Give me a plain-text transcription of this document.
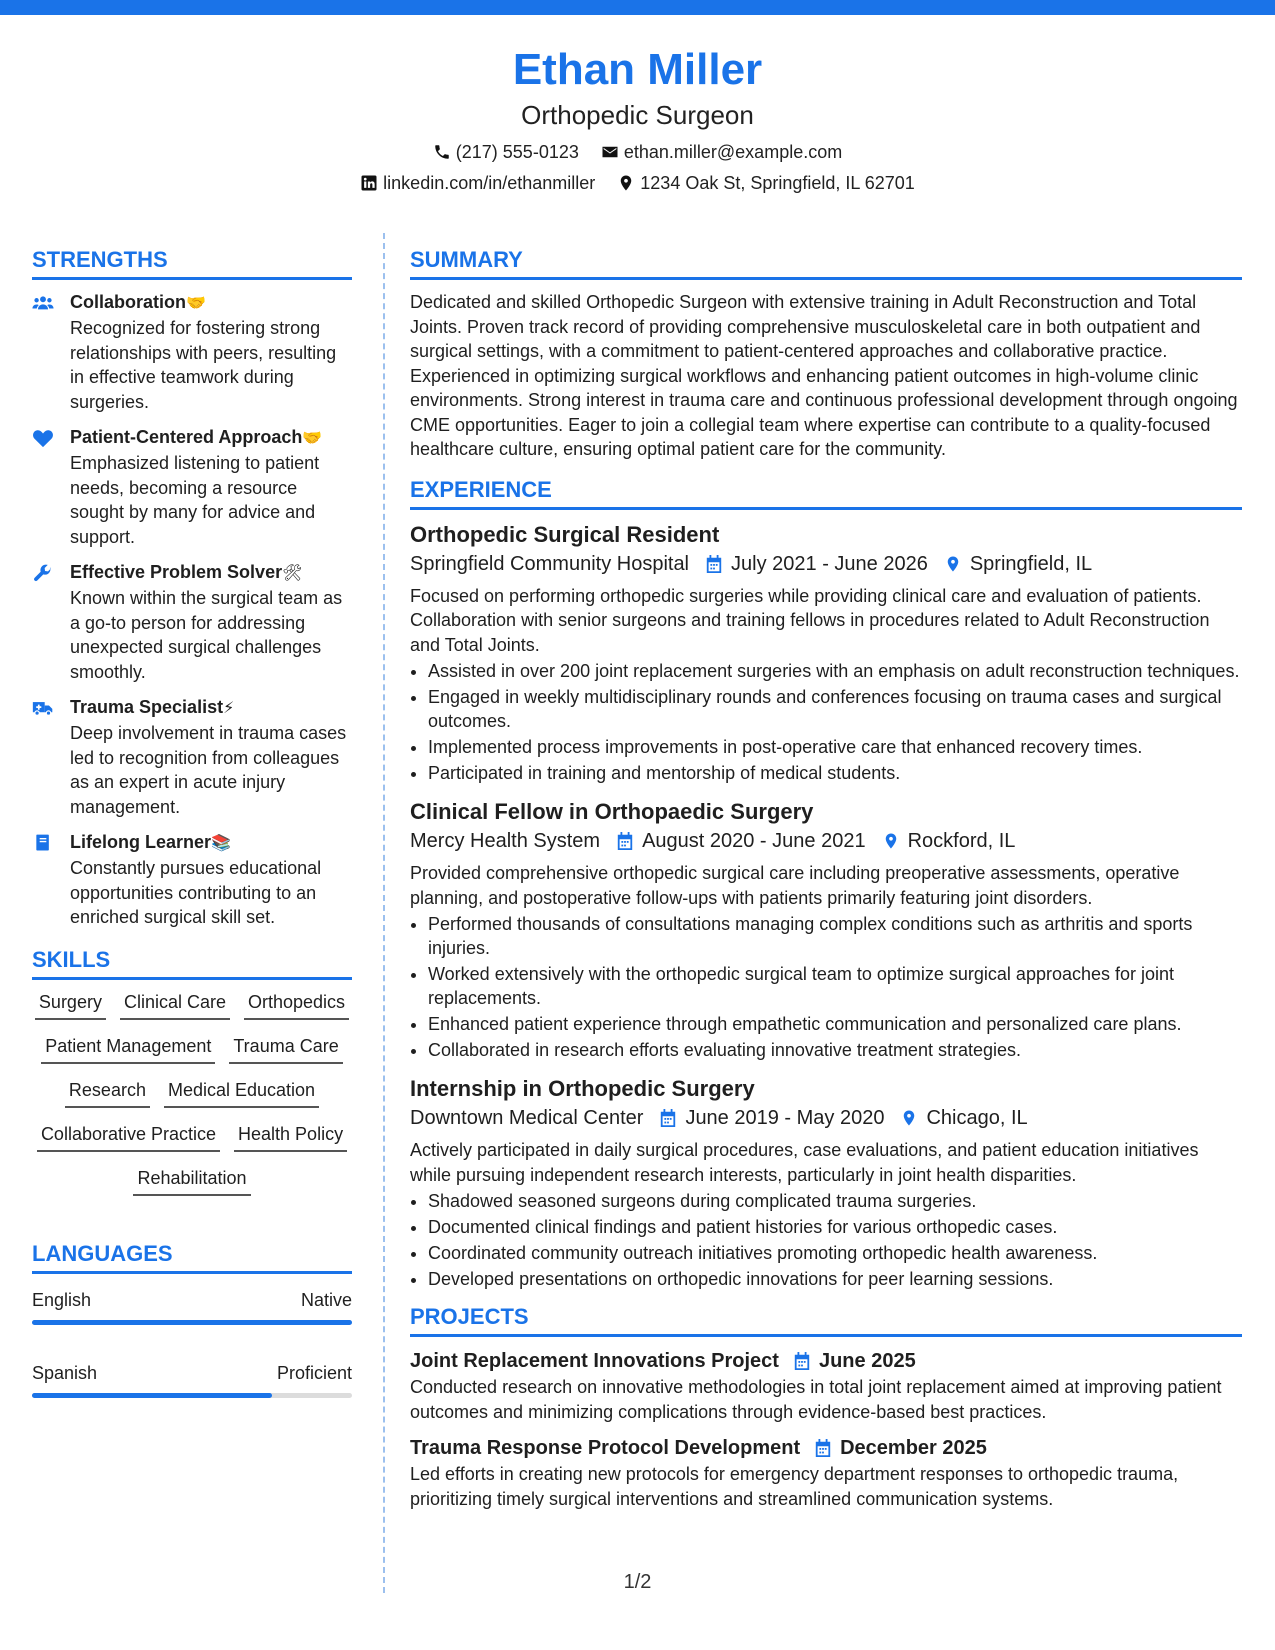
Ethan Miller
Orthopedic Surgeon
(217) 555-0123	ethan.miller@example.com
linkedin.com/in/ethanmiller	1234 Oak St, Springfield, IL 62701
STRENGTHS
Collaboration🤝
Recognized for fostering strong relationships with peers, resulting in effective teamwork during surgeries.
Patient-Centered Approach🤝
Emphasized listening to patient needs, becoming a resource sought by many for advice and support.
Effective Problem Solver🛠
Known within the surgical team as a go-to person for addressing unexpected surgical challenges smoothly.
Trauma Specialist⚡
Deep involvement in trauma cases led to recognition from colleagues as an expert in acute injury management.
Lifelong Learner📚
Constantly pursues educational opportunities contributing to an enriched surgical skill set.
SKILLS
Surgery Clinical Care Orthopedics
Patient Management Trauma Care
Research Medical Education
Collaborative Practice Health Policy
Rehabilitation
LANGUAGES
English	Native
Spanish	Proficient
SUMMARY
Dedicated and skilled Orthopedic Surgeon with extensive training in Adult Reconstruction and Total Joints. Proven track record of providing comprehensive musculoskeletal care in both outpatient and surgical settings, with a commitment to patient-centered approaches and collaborative practice. Experienced in optimizing surgical workflows and enhancing patient outcomes in high-volume clinic environments. Strong interest in trauma care and continuous professional development through ongoing CME opportunities. Eager to join a collegial team where expertise can contribute to a quality-focused healthcare culture, ensuring optimal patient care for the community.
EXPERIENCE
Orthopedic Surgical Resident
Springfield Community Hospital July 2021 - June 2026 Springfield, IL
Focused on performing orthopedic surgeries while providing clinical care and evaluation of patients. Collaboration with senior surgeons and training fellows in procedures related to Adult Reconstruction and Total Joints.
• Assisted in over 200 joint replacement surgeries with an emphasis on adult reconstruction techniques.
• Engaged in weekly multidisciplinary rounds and conferences focusing on trauma cases and surgical outcomes.
• Implemented process improvements in post-operative care that enhanced recovery times.
• Participated in training and mentorship of medical students.
Clinical Fellow in Orthopaedic Surgery
Mercy Health System August 2020 - June 2021 Rockford, IL
Provided comprehensive orthopedic surgical care including preoperative assessments, operative planning, and postoperative follow-ups with patients primarily featuring joint disorders.
• Performed thousands of consultations managing complex conditions such as arthritis and sports injuries.
• Worked extensively with the orthopedic surgical team to optimize surgical approaches for joint replacements.
• Enhanced patient experience through empathetic communication and personalized care plans.
• Collaborated in research efforts evaluating innovative treatment strategies.
Internship in Orthopedic Surgery
Downtown Medical Center June 2019 - May 2020 Chicago, IL
Actively participated in daily surgical procedures, case evaluations, and patient education initiatives while pursuing independent research interests, particularly in joint health disparities.
• Shadowed seasoned surgeons during complicated trauma surgeries.
• Documented clinical findings and patient histories for various orthopedic cases.
• Coordinated community outreach initiatives promoting orthopedic health awareness.
• Developed presentations on orthopedic innovations for peer learning sessions.
PROJECTS
Joint Replacement Innovations Project June 2025
Conducted research on innovative methodologies in total joint replacement aimed at improving patient outcomes and minimizing complications through evidence-based best practices.
Trauma Response Protocol Development December 2025
Led efforts in creating new protocols for emergency department responses to orthopedic trauma, prioritizing timely surgical interventions and streamlined communication systems.
1/2
